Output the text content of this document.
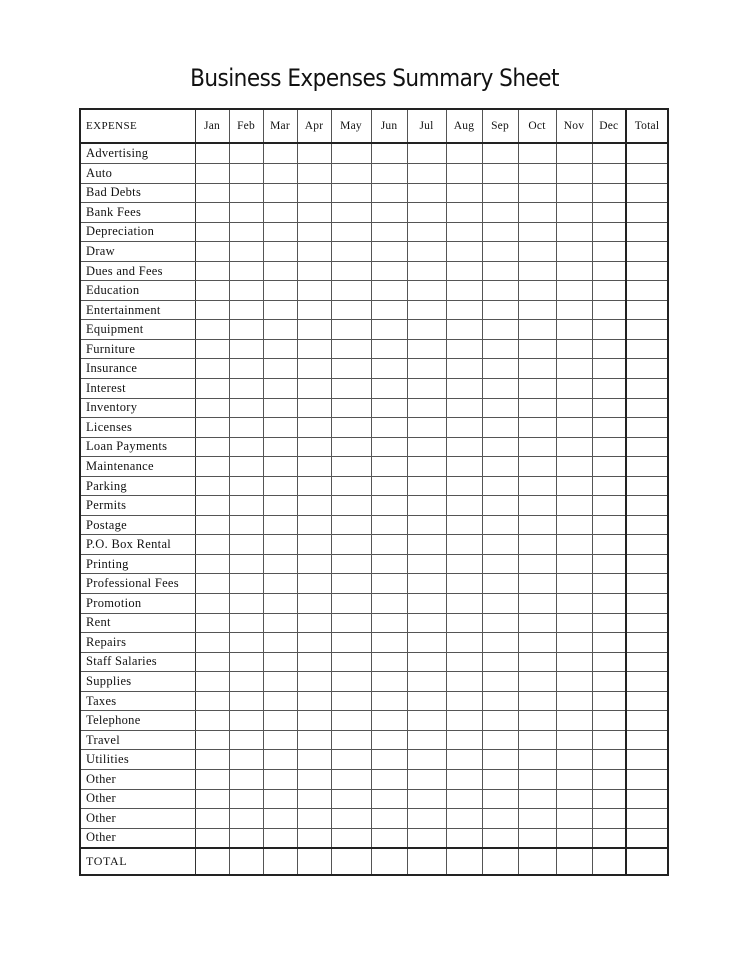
Business Expenses Summary Sheet
EXPENSE	Jan	Feb	Mar	Apr	May	Jun	Jul	Aug	Sep	Oct	Nov	Dec	Total
Advertising													
Auto													
Bad Debts													
Bank Fees													
Depreciation													
Draw													
Dues and Fees													
Education													
Entertainment													
Equipment													
Furniture													
Insurance													
Interest													
Inventory													
Licenses													
Loan Payments													
Maintenance													
Parking													
Permits													
Postage													
P.O. Box Rental													
Printing													
Professional Fees													
Promotion													
Rent													
Repairs													
Staff Salaries													
Supplies													
Taxes													
Telephone													
Travel													
Utilities													
Other													
Other													
Other													
Other													
TOTAL													
